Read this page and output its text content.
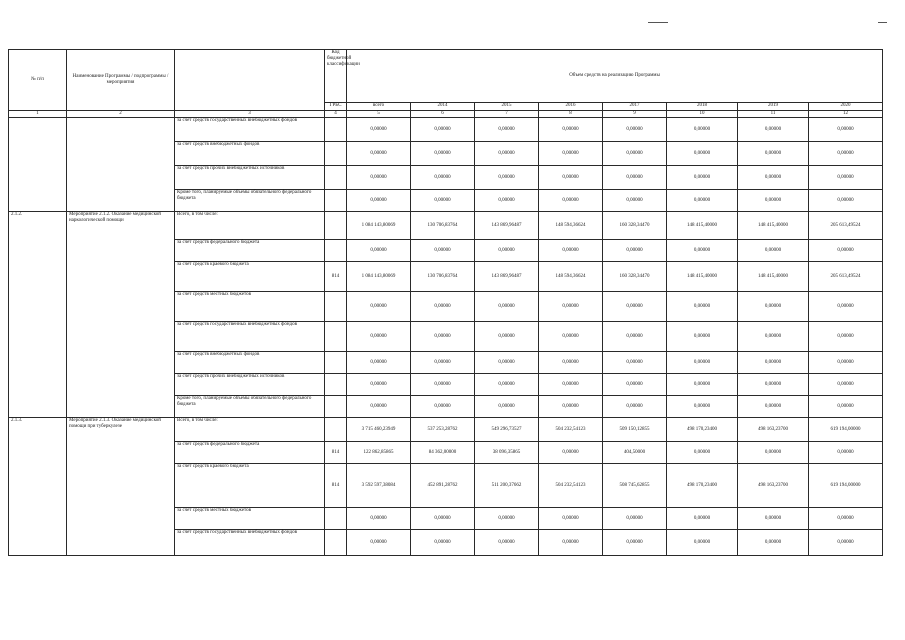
№ п/п	Наименование Программы / подпрограммы / мероприятия		Код бюджетной классификации	Объем средств на реализацию Программы							
			ГРБС	всего	2014	2015	2016	2017	2018	2019	2020
1	2	3	4	5	6	7	8	9	10	11	12
		за счет средств государственных внебюджетных фондов		0,00000	0,00000	0,00000	0,00000	0,00000	0,00000	0,00000	0,00000
		за счет средств внебюджетных фондов		0,00000	0,00000	0,00000	0,00000	0,00000	0,00000	0,00000	0,00000
		за счет средств прочих внебюджетных источников		0,00000	0,00000	0,00000	0,00000	0,00000	0,00000	0,00000	0,00000
		Кроме того, планируемые объемы обязательного федерального бюджета		0,00000	0,00000	0,00000	0,00000	0,00000	0,00000	0,00000	0,00000
2.1.2.	Мероприятие 2.1.2. Оказание медицинской наркологической помощи	Всего, в том числе:		1 084 143,80069	130 706,83764	143 869,96487	148 594,36624	160 328,34470	148 415,40000	148 415,40000	205 613,49524
		за счет средств федерального бюджета		0,00000	0,00000	0,00000	0,00000	0,00000	0,00000	0,00000	0,00000
		за счет средств краевого бюджета	814	1 084 143,80069	130 706,83764	143 869,96487	148 594,36624	160 328,34470	148 415,40000	148 415,40000	205 613,49524
		за счет средств местных бюджетов		0,00000	0,00000	0,00000	0,00000	0,00000	0,00000	0,00000	0,00000
		за счет средств государственных внебюджетных фондов		0,00000	0,00000	0,00000	0,00000	0,00000	0,00000	0,00000	0,00000
		за счет средств внебюджетных фондов		0,00000	0,00000	0,00000	0,00000	0,00000	0,00000	0,00000	0,00000
		за счет средств прочих внебюджетных источников		0,00000	0,00000	0,00000	0,00000	0,00000	0,00000	0,00000	0,00000
		Кроме того, планируемые объемы обязательного федерального бюджета		0,00000	0,00000	0,00000	0,00000	0,00000	0,00000	0,00000	0,00000
2.1.3.	Мероприятие 2.1.3. Оказание медицинской помощи при туберкулезе	Всего, в том числе:		3 715 460,23949	537 253,28762	549 296,73527	504 232,54123	509 150,12855	498 170,23400	498 163,23700	619 194,00000
		за счет средств федерального бюджета	814	122 862,85865	84 362,00000	38 096,35865	0,00000	404,50000	0,00000	0,00000	0,00000
		за счет средств краевого бюджета	814	3 592 597,38084	452 891,28762	511 200,37662	504 232,54123	508 745,62855	498 170,23400	498 163,23700	619 194,00000
		за счет средств местных бюджетов		0,00000	0,00000	0,00000	0,00000	0,00000	0,00000	0,00000	0,00000
		за счет средств государственных внебюджетных фондов		0,00000	0,00000	0,00000	0,00000	0,00000	0,00000	0,00000	0,00000
